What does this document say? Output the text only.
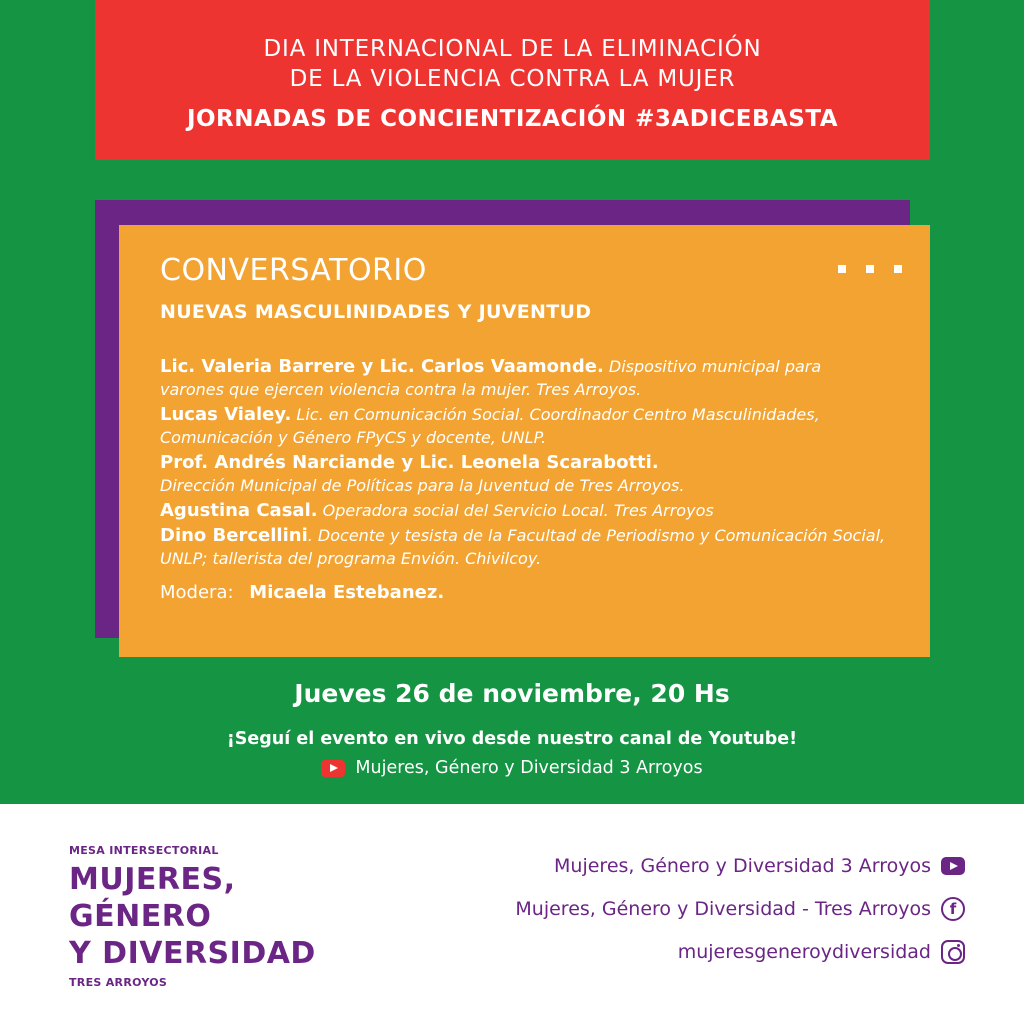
DIA INTERNACIONAL DE LA ELIMINACIÓN
DE LA VIOLENCIA CONTRA LA MUJER
JORNADAS DE CONCIENTIZACIÓN #3ADICEBASTA
CONVERSATORIO
NUEVAS MASCULINIDADES Y JUVENTUD
Lic. Valeria Barrere y Lic. Carlos Vaamonde. Dispositivo municipal para varones que ejercen violencia contra la mujer. Tres Arroyos.
Lucas Vialey. Lic. en Comunicación Social. Coordinador Centro Masculinidades, Comunicación y Género FPyCS y docente, UNLP.
Prof. Andrés Narciande y Lic. Leonela Scarabotti.
Dirección Municipal de Políticas para la Juventud de Tres Arroyos.
Agustina Casal. Operadora social del Servicio Local. Tres Arroyos
Dino Bercellini. Docente y tesista de la Facultad de Periodismo y Comunicación Social, UNLP; tallerista del programa Envión. Chivilcoy.
Modera: Micaela Estebanez.
Jueves 26 de noviembre, 20 Hs
¡Seguí el evento en vivo desde nuestro canal de Youtube!
Mujeres, Género y Diversidad 3 Arroyos
MESA INTERSECTORIAL
MUJERES,
GÉNERO
Y DIVERSIDAD
TRES ARROYOS
Mujeres, Género y Diversidad 3 Arroyos
Mujeres, Género y Diversidad - Tres Arroyos	f
mujeresgeneroydiversidad
